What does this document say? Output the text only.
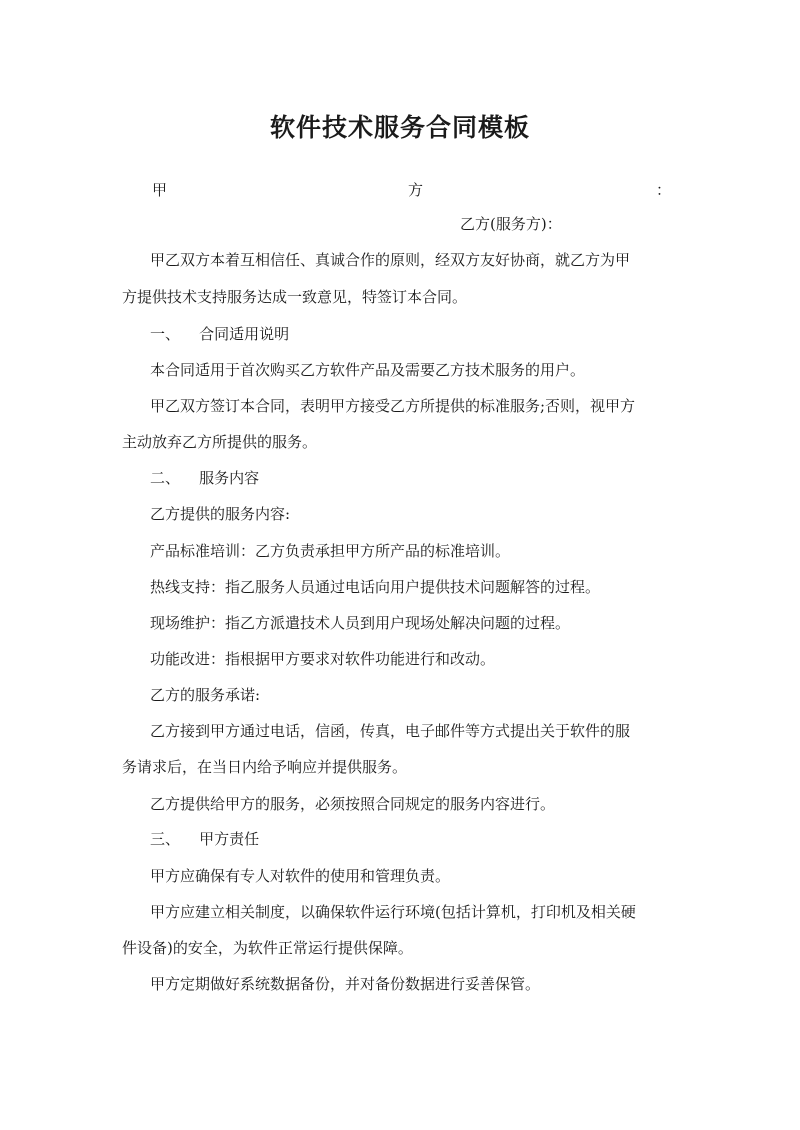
软件技术服务合同模板
甲	方	：
乙方(服务方)：
甲乙双方本着互相信任、真诚合作的原则，经双方友好协商，就乙方为甲
方提供技术支持服务达成一致意见，特签订本合同。
一、    合同适用说明
本合同适用于首次购买乙方软件产品及需要乙方技术服务的用户。
甲乙双方签订本合同，表明甲方接受乙方所提供的标准服务;否则，视甲方
主动放弃乙方所提供的服务。
二、    服务内容
乙方提供的服务内容:
产品标准培训：乙方负责承担甲方所产品的标准培训。
热线支持：指乙服务人员通过电话向用户提供技术问题解答的过程。
现场维护：指乙方派遣技术人员到用户现场处解决问题的过程。
功能改进：指根据甲方要求对软件功能进行和改动。
乙方的服务承诺:
乙方接到甲方通过电话，信函，传真，电子邮件等方式提出关于软件的服
务请求后，在当日内给予响应并提供服务。
乙方提供给甲方的服务，必须按照合同规定的服务内容进行。
三、    甲方责任
甲方应确保有专人对软件的使用和管理负责。
甲方应建立相关制度，以确保软件运行环境(包括计算机，打印机及相关硬
件设备)的安全，为软件正常运行提供保障。
甲方定期做好系统数据备份，并对备份数据进行妥善保管。
